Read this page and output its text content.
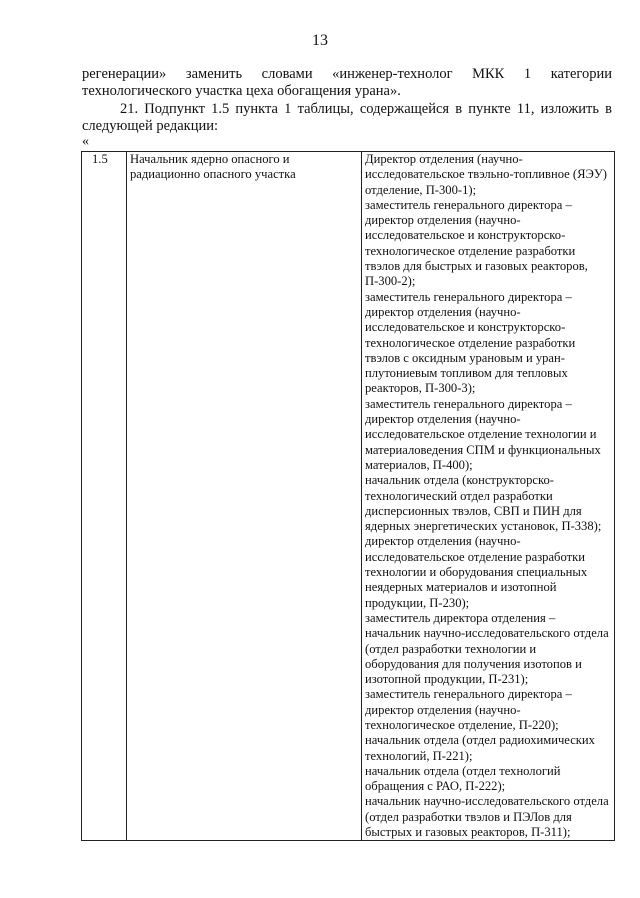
13
регенерации» заменить словами «инженер-технолог МКК 1 категории технологического участка цеха обогащения урана».
21. Подпункт 1.5 пункта 1 таблицы, содержащейся в пункте 11, изложить в следующей редакции:
«
1.5	Начальник ядерно опасного и
радиационно опасного участка

Директор отделения (научно-
исследовательское твэльно-топливное (ЯЭУ)
отделение, П-300-1);
заместитель генерального директора –
директор отделения (научно-
исследовательское и конструкторско-
технологическое отделение разработки
твэлов для быстрых и газовых реакторов,
П-300-2);
заместитель генерального директора –
директор отделения (научно-
исследовательское и конструкторско-
технологическое отделение разработки
твэлов с оксидным урановым и уран-
плутониевым топливом для тепловых
реакторов, П-300-3);
заместитель генерального директора –
директор отделения (научно-
исследовательское отделение технологии и
материаловедения СПМ и функциональных
материалов, П-400);
начальник отдела (конструкторско-
технологический отдел разработки
дисперсионных твэлов, СВП и ПИН для
ядерных энергетических установок, П-338);
директор отделения (научно-
исследовательское отделение разработки
технологии и оборудования специальных
неядерных материалов и изотопной
продукции, П-230);
заместитель директора отделения –
начальник научно-исследовательского отдела
(отдел разработки технологии и
оборудования для получения изотопов и
изотопной продукции, П-231);
заместитель генерального директора –
директор отделения (научно-
технологическое отделение, П-220);
начальник отдела (отдел радиохимических
технологий, П-221);
начальник отдела (отдел технологий
обращения с РАО, П-222);
начальник научно-исследовательского отдела
(отдел разработки твэлов и ПЭЛов для
быстрых и газовых реакторов, П-311);
